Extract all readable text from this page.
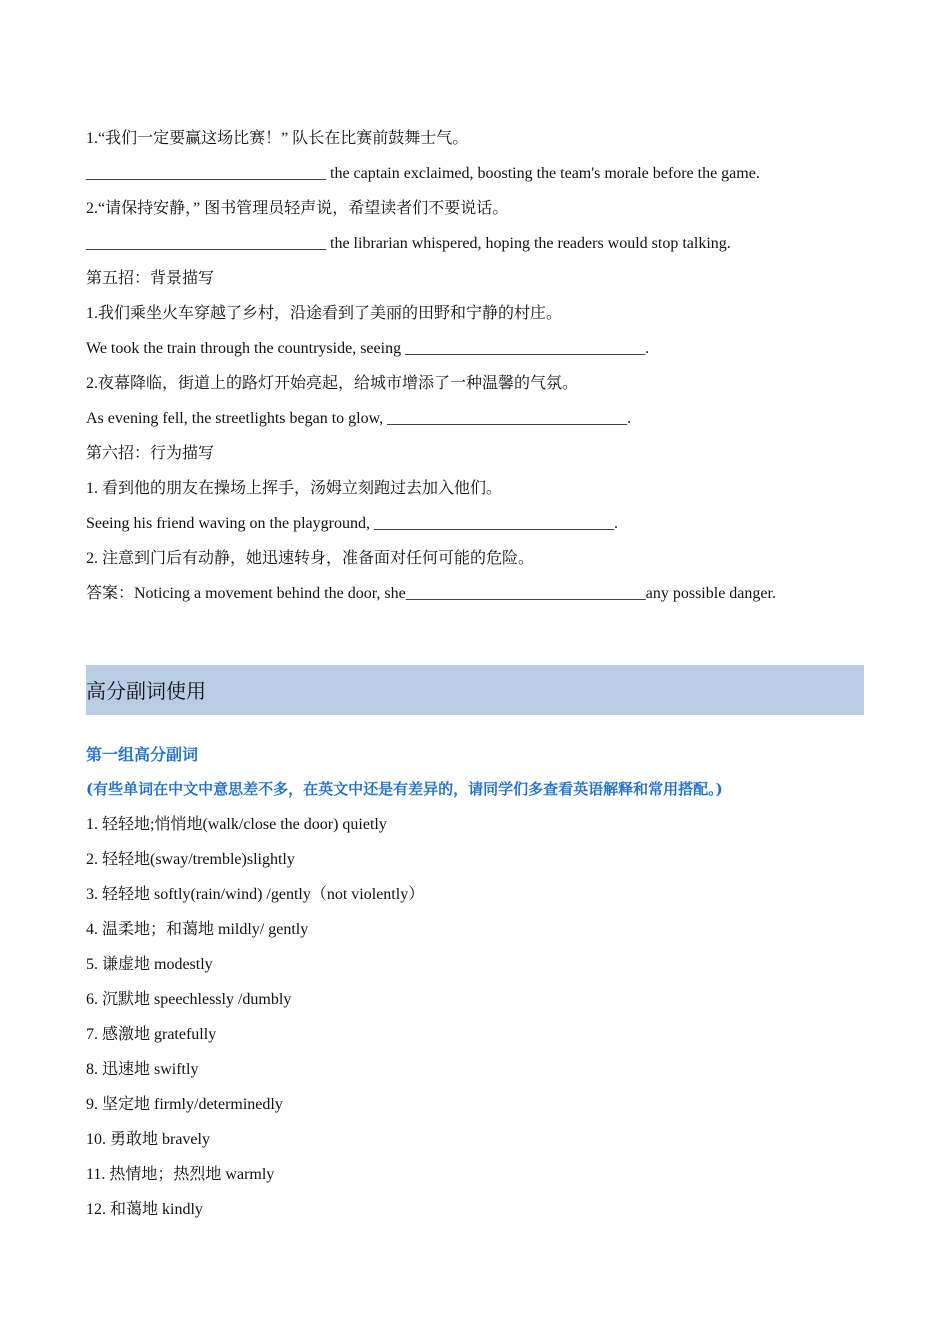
1.“我们一定要赢这场比赛！” 队长在比赛前鼓舞士气。
______________________________ the captain exclaimed, boosting the team's morale before the game.
2.“请保持安静，” 图书管理员轻声说，希望读者们不要说话。
______________________________ the librarian whispered, hoping the readers would stop talking.
第五招：背景描写
1.我们乘坐火车穿越了乡村，沿途看到了美丽的田野和宁静的村庄。
We took the train through the countryside, seeing ______________________________.
2.夜幕降临，街道上的路灯开始亮起，给城市增添了一种温馨的气氛。
As evening fell, the streetlights began to glow, ______________________________.
第六招：行为描写
1. 看到他的朋友在操场上挥手，汤姆立刻跑过去加入他们。
Seeing his friend waving on the playground, ______________________________.
2. 注意到门后有动静，她迅速转身，准备面对任何可能的危险。
答案：Noticing a movement behind the door, she______________________________any possible danger.
高分副词使用
第一组高分副词
(有些单词在中文中意思差不多，在英文中还是有差异的，请同学们多查看英语解释和常用搭配。)
1. 轻轻地;悄悄地(walk/close the door) quietly
2. 轻轻地(sway/tremble)slightly
3. 轻轻地 softly(rain/wind) /gently（not violently）
4. 温柔地；和蔼地 mildly/ gently
5. 谦虚地 modestly
6. 沉默地 speechlessly /dumbly
7. 感激地 gratefully
8. 迅速地 swiftly
9. 坚定地 firmly/determinedly
10. 勇敢地 bravely
11. 热情地；热烈地 warmly
12. 和蔼地 kindly
